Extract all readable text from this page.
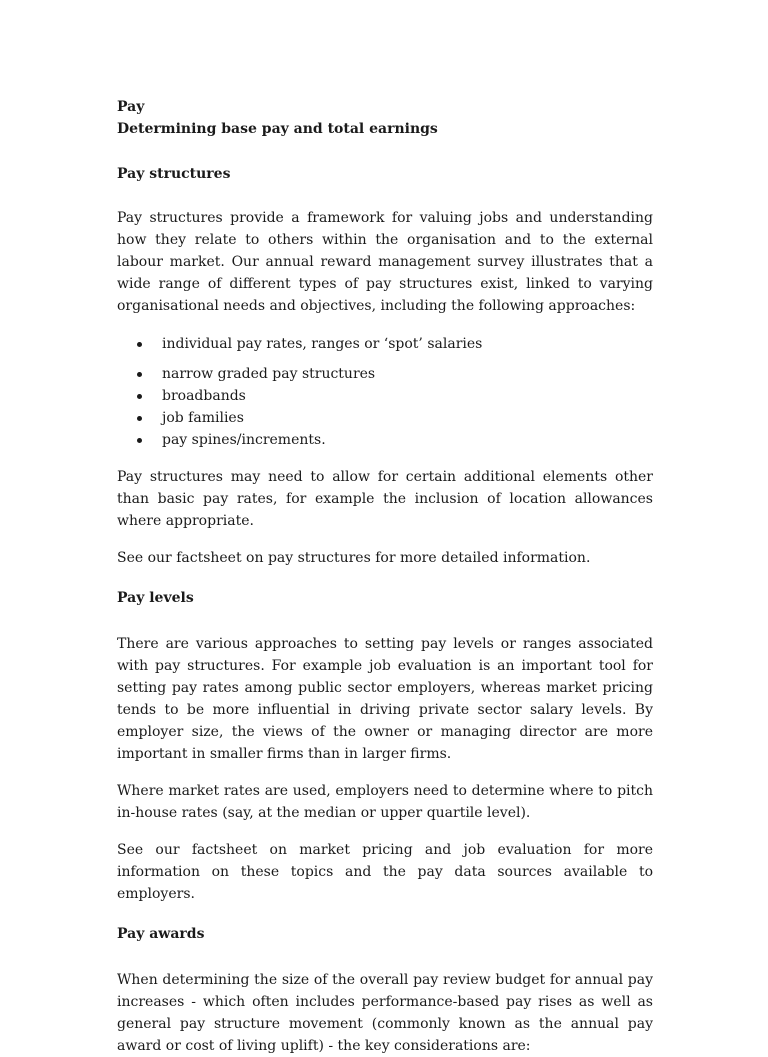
Pay

Determining base pay and total earnings

Pay structures

Pay structures provide a framework for valuing jobs and understanding how they relate to others within the organisation and to the external labour market. Our annual reward management survey illustrates that a wide range of different types of pay structures exist, linked to varying organisational needs and objectives, including the following approaches:

individual pay rates, ranges or ‘spot’ salaries
narrow graded pay structures
broadbands
job families
pay spines/increments.

Pay structures may need to allow for certain additional elements other than basic pay rates, for example the inclusion of location allowances where appropriate.

See our factsheet on pay structures for more detailed information.

Pay levels

There are various approaches to setting pay levels or ranges associated with pay structures. For example job evaluation is an important tool for setting pay rates among public sector employers, whereas market pricing tends to be more influential in driving private sector salary levels. By employer size, the views of the owner or managing director are more important in smaller firms than in larger firms.

Where market rates are used, employers need to determine where to pitch in-house rates (say, at the median or upper quartile level).

See our factsheet on market pricing and job evaluation for more information on these topics and the pay data sources available to employers.

Pay awards

When determining the size of the overall pay review budget for annual pay increases - which often includes performance-based pay rises as well as general pay structure movement (commonly known as the annual pay award or cost of living uplift) - the key considerations are:
